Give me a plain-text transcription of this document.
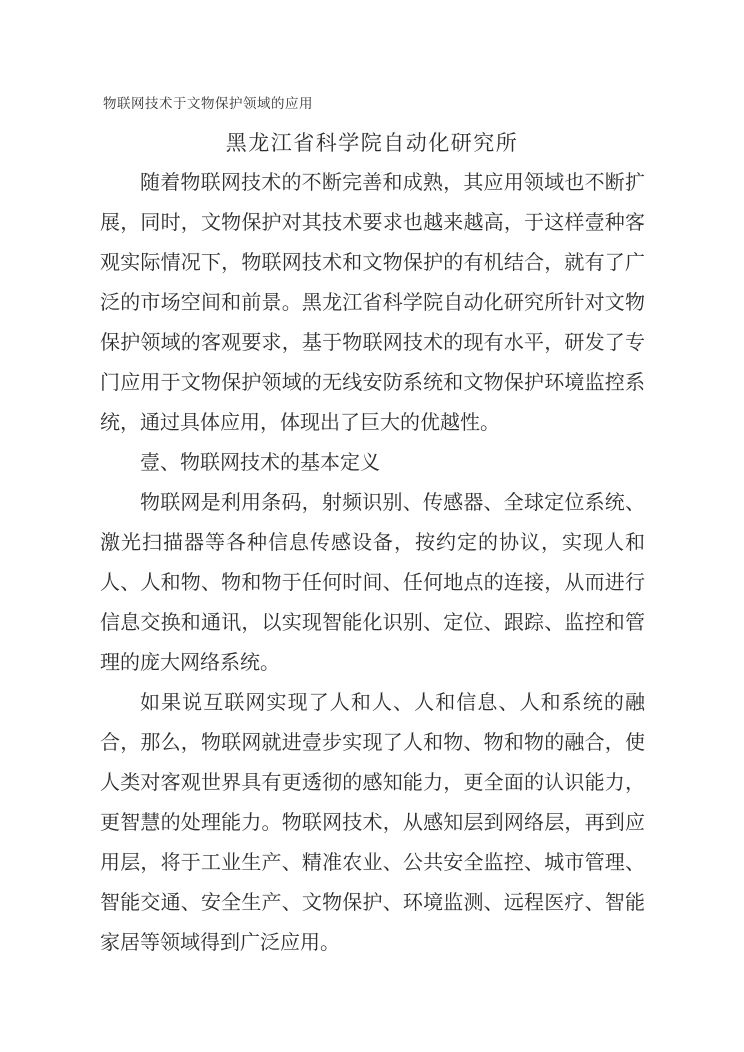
物联网技术于文物保护领域的应用
黑龙江省科学院自动化研究所

随着物联网技术的不断完善和成熟，其应用领域也不断扩展，同时，文物保护对其技术要求也越来越高，于这样壹种客观实际情况下，物联网技术和文物保护的有机结合，就有了广泛的市场空间和前景。黑龙江省科学院自动化研究所针对文物保护领域的客观要求，基于物联网技术的现有水平，研发了专门应用于文物保护领域的无线安防系统和文物保护环境监控系统，通过具体应用，体现出了巨大的优越性。

壹、物联网技术的基本定义

物联网是利用条码，射频识别、传感器、全球定位系统、激光扫描器等各种信息传感设备，按约定的协议，实现人和人、人和物、物和物于任何时间、任何地点的连接，从而进行信息交换和通讯，以实现智能化识别、定位、跟踪、监控和管理的庞大网络系统。

如果说互联网实现了人和人、人和信息、人和系统的融合，那么，物联网就进壹步实现了人和物、物和物的融合，使人类对客观世界具有更透彻的感知能力，更全面的认识能力，更智慧的处理能力。物联网技术，从感知层到网络层，再到应用层，将于工业生产、精准农业、公共安全监控、城市管理、智能交通、安全生产、文物保护、环境监测、远程医疗、智能家居等领域得到广泛应用。
